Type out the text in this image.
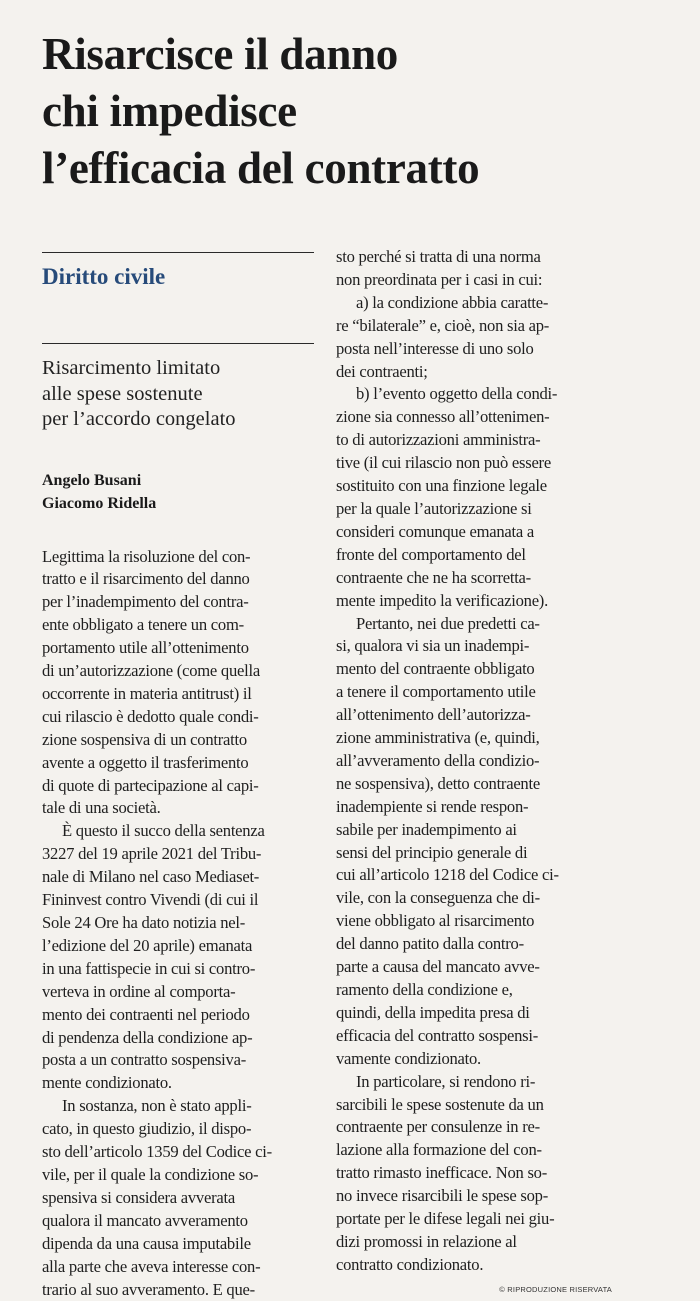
Risarcisce il danno
chi impedisce
l’efficacia del contratto
Diritto civile
Risarcimento limitato
alle spese sostenute
per l’accordo congelato
Angelo Busani
Giacomo Ridella
Legittima la risoluzione del con-
tratto e il risarcimento del danno
per l’inadempimento del contra-
ente obbligato a tenere un com-
portamento utile all’ottenimento
di un’autorizzazione (come quella
occorrente in materia antitrust) il
cui rilascio è dedotto quale condi-
zione sospensiva di un contratto
avente a oggetto il trasferimento
di quote di partecipazione al capi-
tale di una società.
È questo il succo della sentenza
3227 del 19 aprile 2021 del Tribu-
nale di Milano nel caso Mediaset-
Fininvest contro Vivendi (di cui il
Sole 24 Ore ha dato notizia nel-
l’edizione del 20 aprile) emanata
in una fattispecie in cui si contro-
verteva in ordine al comporta-
mento dei contraenti nel periodo
di pendenza della condizione ap-
posta a un contratto sospensiva-
mente condizionato.
In sostanza, non è stato appli-
cato, in questo giudizio, il dispo-
sto dell’articolo 1359 del Codice ci-
vile, per il quale la condizione so-
spensiva si considera avverata
qualora il mancato avveramento
dipenda da una causa imputabile
alla parte che aveva interesse con-
trario al suo avveramento. E que-
sto perché si tratta di una norma
non preordinata per i casi in cui:
a) la condizione abbia caratte-
re “bilaterale” e, cioè, non sia ap-
posta nell’interesse di uno solo
dei contraenti;
b) l’evento oggetto della condi-
zione sia connesso all’ottenimen-
to di autorizzazioni amministra-
tive (il cui rilascio non può essere
sostituito con una finzione legale
per la quale l’autorizzazione si
consideri comunque emanata a
fronte del comportamento del
contraente che ne ha scorretta-
mente impedito la verificazione).
Pertanto, nei due predetti ca-
si, qualora vi sia un inadempi-
mento del contraente obbligato
a tenere il comportamento utile
all’ottenimento dell’autorizza-
zione amministrativa (e, quindi,
all’avveramento della condizio-
ne sospensiva), detto contraente
inadempiente si rende respon-
sabile per inadempimento ai
sensi del principio generale di
cui all’articolo 1218 del Codice ci-
vile, con la conseguenza che di-
viene obbligato al risarcimento
del danno patito dalla contro-
parte a causa del mancato avve-
ramento della condizione e,
quindi, della impedita presa di
efficacia del contratto sospensi-
vamente condizionato.
In particolare, si rendono ri-
sarcibili le spese sostenute da un
contraente per consulenze in re-
lazione alla formazione del con-
tratto rimasto inefficace. Non so-
no invece risarcibili le spese sop-
portate per le difese legali nei giu-
dizi promossi in relazione al
contratto condizionato.
© RIPRODUZIONE RISERVATA
